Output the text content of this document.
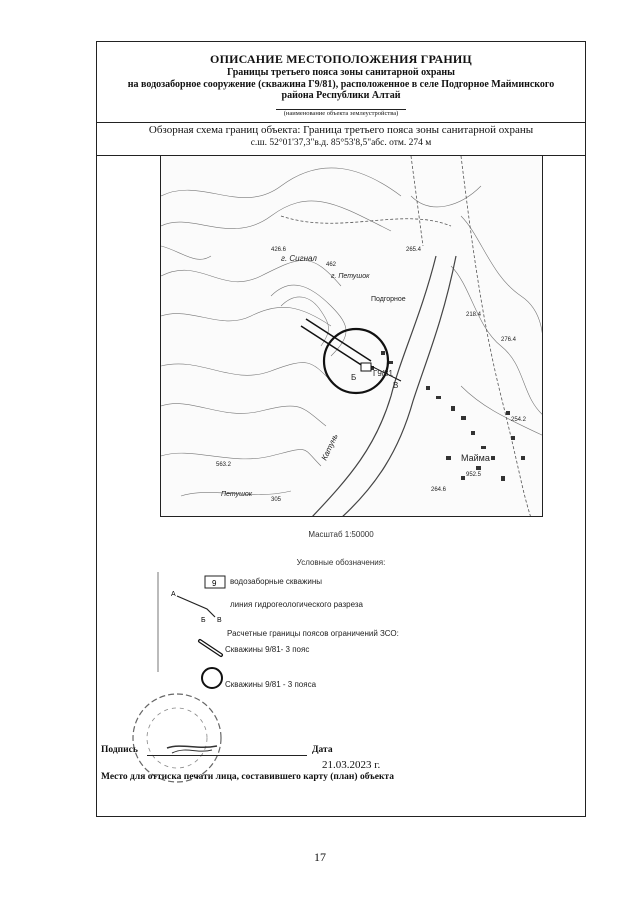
ОПИСАНИЕ МЕСТОПОЛОЖЕНИЯ ГРАНИЦ
Границы третьего пояса зоны санитарной охраны
на водозаборное сооружение (скважина Г9/81), расположенное в селе Подгорное Майминского
района Республики Алтай
(наименование объекта землеустройства)
Обзорная схема границ объекта: Граница третьего пояса зоны санитарной охраны
с.ш. 52°01'37,3"в.д. 85°53'8,5"абс. отм. 274 м
г. Сигнал
г. Петушок
Подгорное
Катунь	Майма
Петушок
Г9/81
Б
В
265.4
426.6
462
218.4
276.4
254.2
563.2
952.5
264.6
305
Масштаб 1:50000
Условные обозначения:
9 водозаборные скважины
А
Б В
линия гидрогеологического разреза
Расчетные границы поясов ограничений ЗСО:
Скважины 9/81- 3 пояс
Скважины 9/81 - 3 пояса
Подпись	Дата
21.03.2023 г.
Место для оттиска печати лица, составившего карту (план) объекта
17
